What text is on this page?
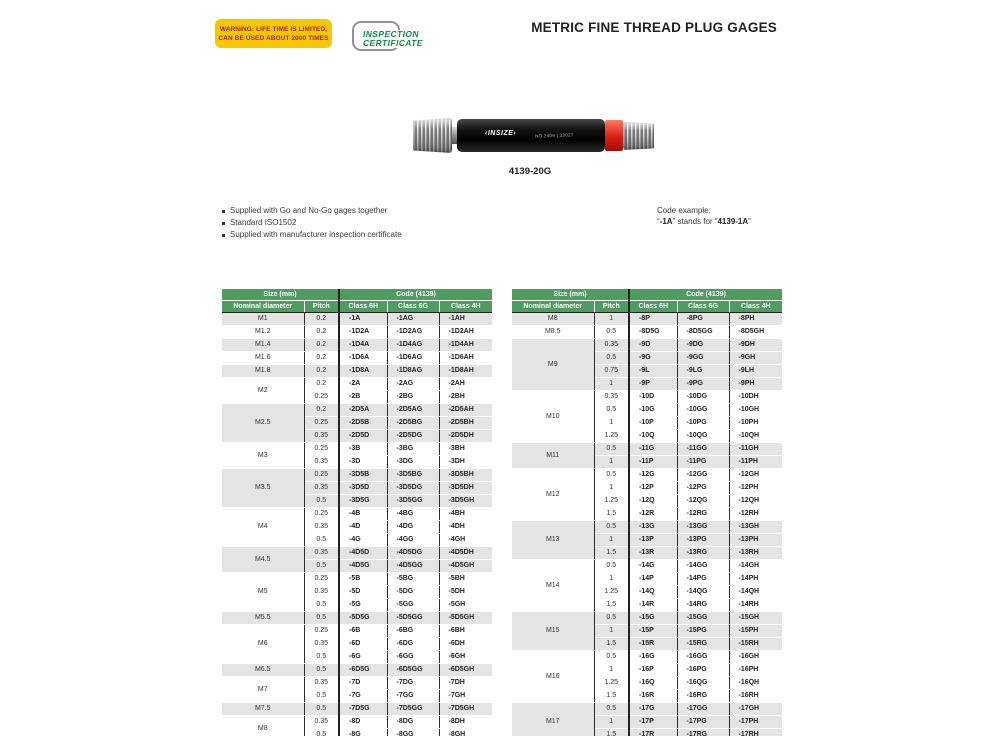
WARNING: LIFE TIME IS LIMITED,
CAN BE USED ABOUT 2000 TIMES	INSPECTION
CERTIFICATE
METRIC FINE THREAD PLUG GAGES
‹INSIZE›	NO.2409 | 33027
4139-20G
Supplied with Go and No-Go gages together
Standard ISO1502
Supplied with manufacturer inspection certificate
Code example:
“-1A” stands for “4139-1A”
Size (mm)		Code (4139)		
Nominal diameter	Pitch	Class 6H	Class 6G	Class 4H
M1	0.2	-1A	-1AG	-1AH
M1.2	0.2	-1D2A	-1D2AG	-1D2AH
M1.4	0.2	-1D4A	-1D4AG	-1D4AH
M1.6	0.2	-1D6A	-1D6AG	-1D6AH
M1.8	0.2	-1D8A	-1D8AG	-1D8AH
M2	0.2	-2A	-2AG	-2AH
	0.25	-2B	-2BG	-2BH
M2.5	0.2	-2D5A	-2D5AG	-2D5AH
	0.25	-2D5B	-2D5BG	-2D5BH
	0.35	-2D5D	-2D5DG	-2D5DH
M3	0.25	-3B	-3BG	-3BH
	0.35	-3D	-3DG	-3DH
M3.5	0.25	-3D5B	-3D5BG	-3D5BH
	0.35	-3D5D	-3D5DG	-3D5DH
	0.5	-3D5G	-3D5GG	-3D5GH
M4	0.25	-4B	-4BG	-4BH
	0.35	-4D	-4DG	-4DH
	0.5	-4G	-4GG	-4GH
M4.5	0.35	-4D5D	-4D5DG	-4D5DH
	0.5	-4D5G	-4D5GG	-4D5GH
M5	0.25	-5B	-5BG	-5BH
	0.35	-5D	-5DG	-5DH
	0.5	-5G	-5GG	-5GH
M5.5	0.5	-5D5G	-5D5GG	-5D5GH
M6	0.25	-6B	-6BG	-6BH
	0.35	-6D	-6DG	-6DH
	0.5	-6G	-6GG	-6GH
M6.5	0.5	-6D5G	-6D5GG	-6D5GH
M7	0.35	-7D	-7DG	-7DH
	0.5	-7G	-7GG	-7GH
M7.5	0.5	-7D5G	-7D5GG	-7D5GH
M8	0.35	-8D	-8DG	-8DH
	0.5	-8G	-8GG	-8GH
Size (mm)		Code (4139)		
Nominal diameter	Pitch	Class 6H	Class 6G	Class 4H
M8	1	-8P	-8PG	-8PH
M8.5	0.5	-8D5G	-8D5GG	-8D5GH
M9	0.35	-9D	-9DG	-9DH
	0.5	-9G	-9GG	-9GH
	0.75	-9L	-9LG	-9LH
	1	-9P	-9PG	-9PH
M10	0.35	-10D	-10DG	-10DH
	0.5	-10G	-10GG	-10GH
	1	-10P	-10PG	-10PH
	1.25	-10Q	-10QG	-10QH
M11	0.5	-11G	-11GG	-11GH
	1	-11P	-11PG	-11PH
M12	0.5	-12G	-12GG	-12GH
	1	-12P	-12PG	-12PH
	1.25	-12Q	-12QG	-12QH
	1.5	-12R	-12RG	-12RH
M13	0.5	-13G	-13GG	-13GH
	1	-13P	-13PG	-13PH
	1.5	-13R	-13RG	-13RH
M14	0.5	-14G	-14GG	-14GH
	1	-14P	-14PG	-14PH
	1.25	-14Q	-14QG	-14QH
	1.5	-14R	-14RG	-14RH
M15	0.5	-15G	-15GG	-15GH
	1	-15P	-15PG	-15PH
	1.5	-15R	-15RG	-15RH
M16	0.5	-16G	-16GG	-16GH
	1	-16P	-16PG	-16PH
	1.25	-16Q	-16QG	-16QH
	1.5	-16R	-16RG	-16RH
M17	0.5	-17G	-17GG	-17GH
	1	-17P	-17PG	-17PH
	1.5	-17R	-17RG	-17RH
